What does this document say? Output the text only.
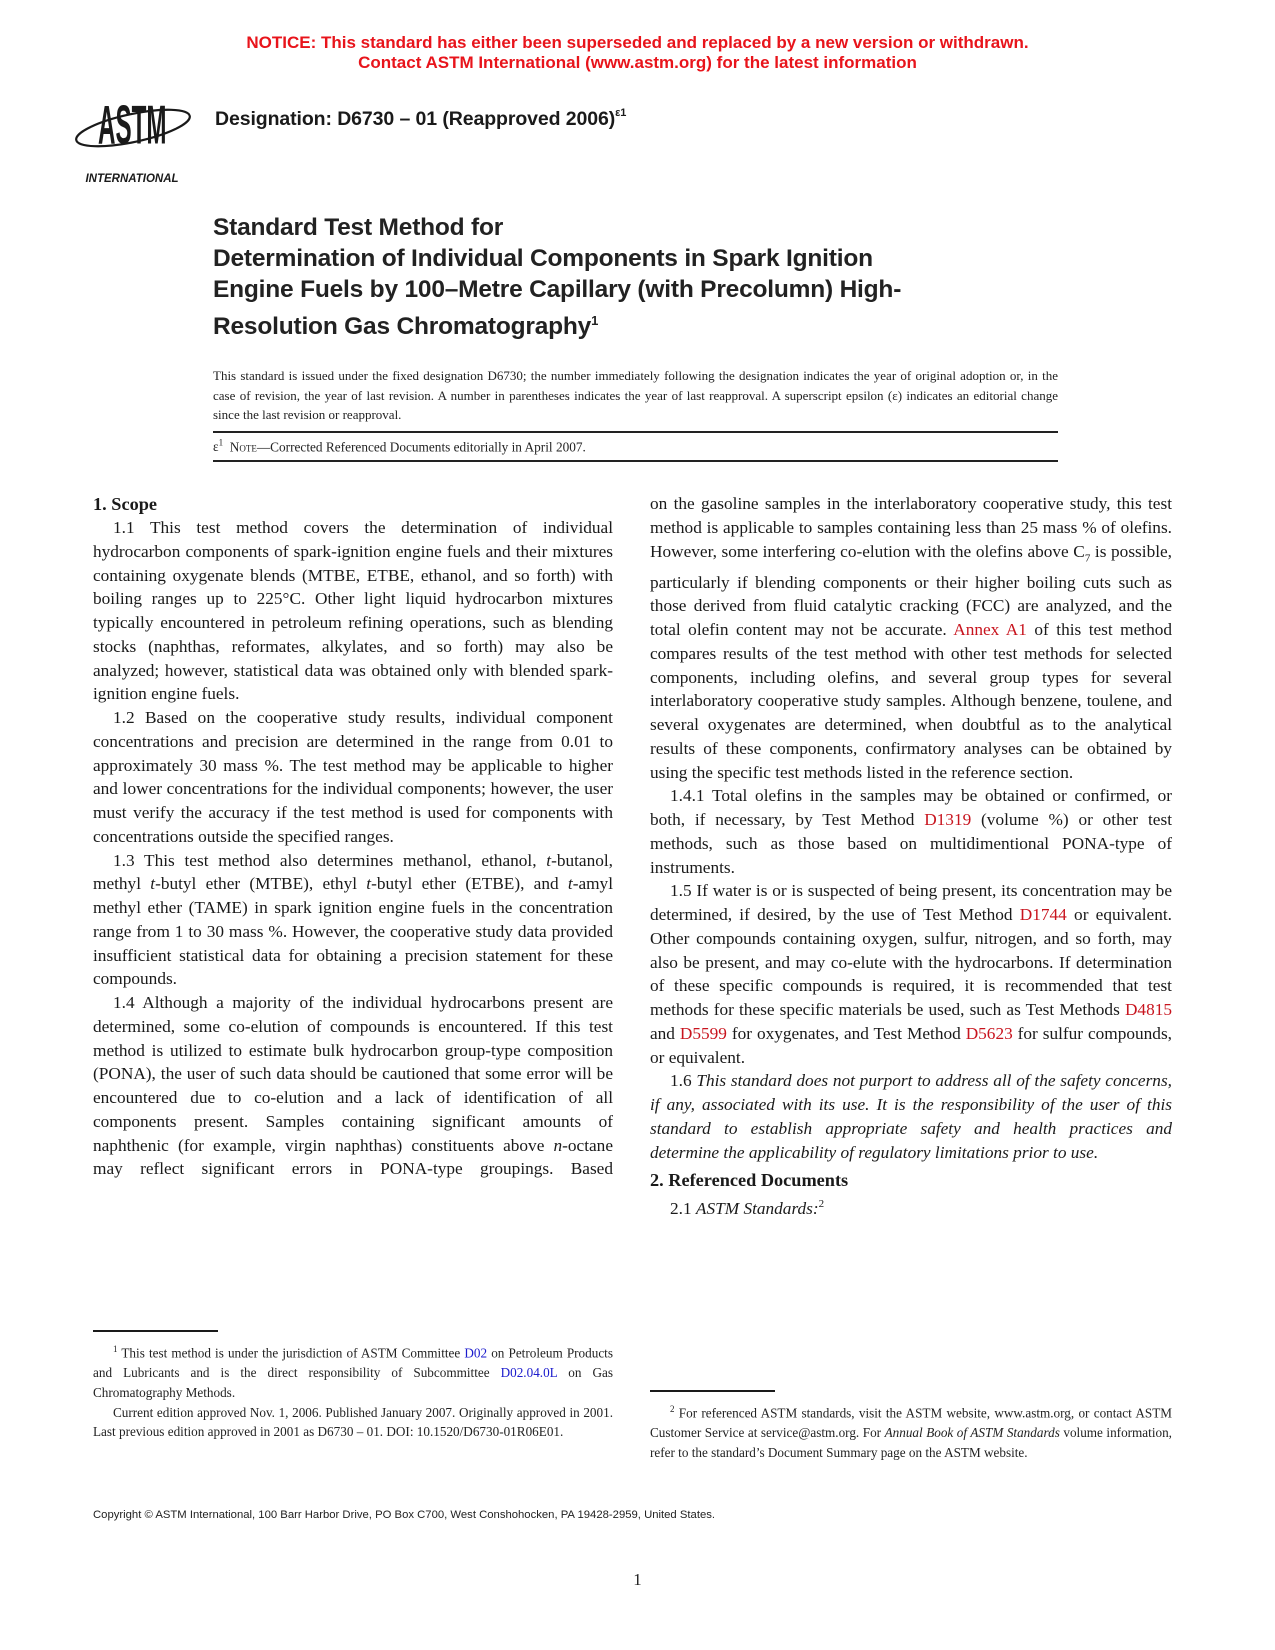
NOTICE: This standard has either been superseded and replaced by a new version or withdrawn.
Contact ASTM International (www.astm.org) for the latest information
ASTM
INTERNATIONAL
Designation: D6730 – 01 (Reapproved 2006)$^{\varepsilon 1}$
Standard Test Method for
Determination of Individual Components in Spark Ignition
Engine Fuels by 100–Metre Capillary (with Precolumn) High-
Resolution Gas Chromatography$^1$
This standard is issued under the fixed designation D6730; the number immediately following the designation indicates the year of original adoption or, in the case of revision, the year of last revision. A number in parentheses indicates the year of last reapproval. A superscript epsilon (ε) indicates an editorial change since the last revision or reapproval.
$\varepsilon^1$ Note—Corrected Referenced Documents editorially in April 2007.
1. Scope

1.1 This test method covers the determination of individual hydrocarbon components of spark-ignition engine fuels and their mixtures containing oxygenate blends (MTBE, ETBE, ethanol, and so forth) with boiling ranges up to 225°C. Other light liquid hydrocarbon mixtures typically encountered in petroleum refining operations, such as blending stocks (naphthas, reformates, alkylates, and so forth) may also be analyzed; however, statistical data was obtained only with blended spark-ignition engine fuels.

1.2 Based on the cooperative study results, individual component concentrations and precision are determined in the range from 0.01 to approximately 30 mass %. The test method may be applicable to higher and lower concentrations for the individual components; however, the user must verify the accuracy if the test method is used for components with concentrations outside the specified ranges.

1.3 This test method also determines methanol, ethanol, t-butanol, methyl t-butyl ether (MTBE), ethyl t-butyl ether (ETBE), and t-amyl methyl ether (TAME) in spark ignition engine fuels in the concentration range from 1 to 30 mass %. However, the cooperative study data provided insufficient statistical data for obtaining a precision statement for these compounds.

1.4 Although a majority of the individual hydrocarbons present are determined, some co-elution of compounds is encountered. If this test method is utilized to estimate bulk hydrocarbon group-type composition (PONA), the user of such data should be cautioned that some error will be encountered due to co-elution and a lack of identification of all components present. Samples containing significant amounts of naphthenic (for example, virgin naphthas) constituents above n-octane may reflect significant errors in PONA-type groupings. Based

$^1$ This test method is under the jurisdiction of ASTM Committee D02 on Petroleum Products and Lubricants and is the direct responsibility of Subcommittee D02.04.0L on Gas Chromatography Methods.

Current edition approved Nov. 1, 2006. Published January 2007. Originally approved in 2001. Last previous edition approved in 2001 as D6730 – 01. DOI: 10.1520/D6730-01R06E01.

on the gasoline samples in the interlaboratory cooperative study, this test method is applicable to samples containing less than 25 mass % of olefins. However, some interfering co-elution with the olefins above $C_7$ is possible, particularly if blending components or their higher boiling cuts such as those derived from fluid catalytic cracking (FCC) are analyzed, and the total olefin content may not be accurate. Annex A1 of this test method compares results of the test method with other test methods for selected components, including olefins, and several group types for several interlaboratory cooperative study samples. Although benzene, toulene, and several oxygenates are determined, when doubtful as to the analytical results of these components, confirmatory analyses can be obtained by using the specific test methods listed in the reference section.

1.4.1 Total olefins in the samples may be obtained or confirmed, or both, if necessary, by Test Method D1319 (volume %) or other test methods, such as those based on multidimentional PONA-type of instruments.

1.5 If water is or is suspected of being present, its concentration may be determined, if desired, by the use of Test Method D1744 or equivalent. Other compounds containing oxygen, sulfur, nitrogen, and so forth, may also be present, and may co-elute with the hydrocarbons. If determination of these specific compounds is required, it is recommended that test methods for these specific materials be used, such as Test Methods D4815 and D5599 for oxygenates, and Test Method D5623 for sulfur compounds, or equivalent.

1.6 This standard does not purport to address all of the safety concerns, if any, associated with its use. It is the responsibility of the user of this standard to establish appropriate safety and health practices and determine the applicability of regulatory limitations prior to use.

2. Referenced Documents

2.1 ASTM Standards:$^2$

$^2$ For referenced ASTM standards, visit the ASTM website, www.astm.org, or contact ASTM Customer Service at service@astm.org. For Annual Book of ASTM Standards volume information, refer to the standard’s Document Summary page on the ASTM website.

Copyright © ASTM International, 100 Barr Harbor Drive, PO Box C700, West Conshohocken, PA 19428-2959, United States.
1
